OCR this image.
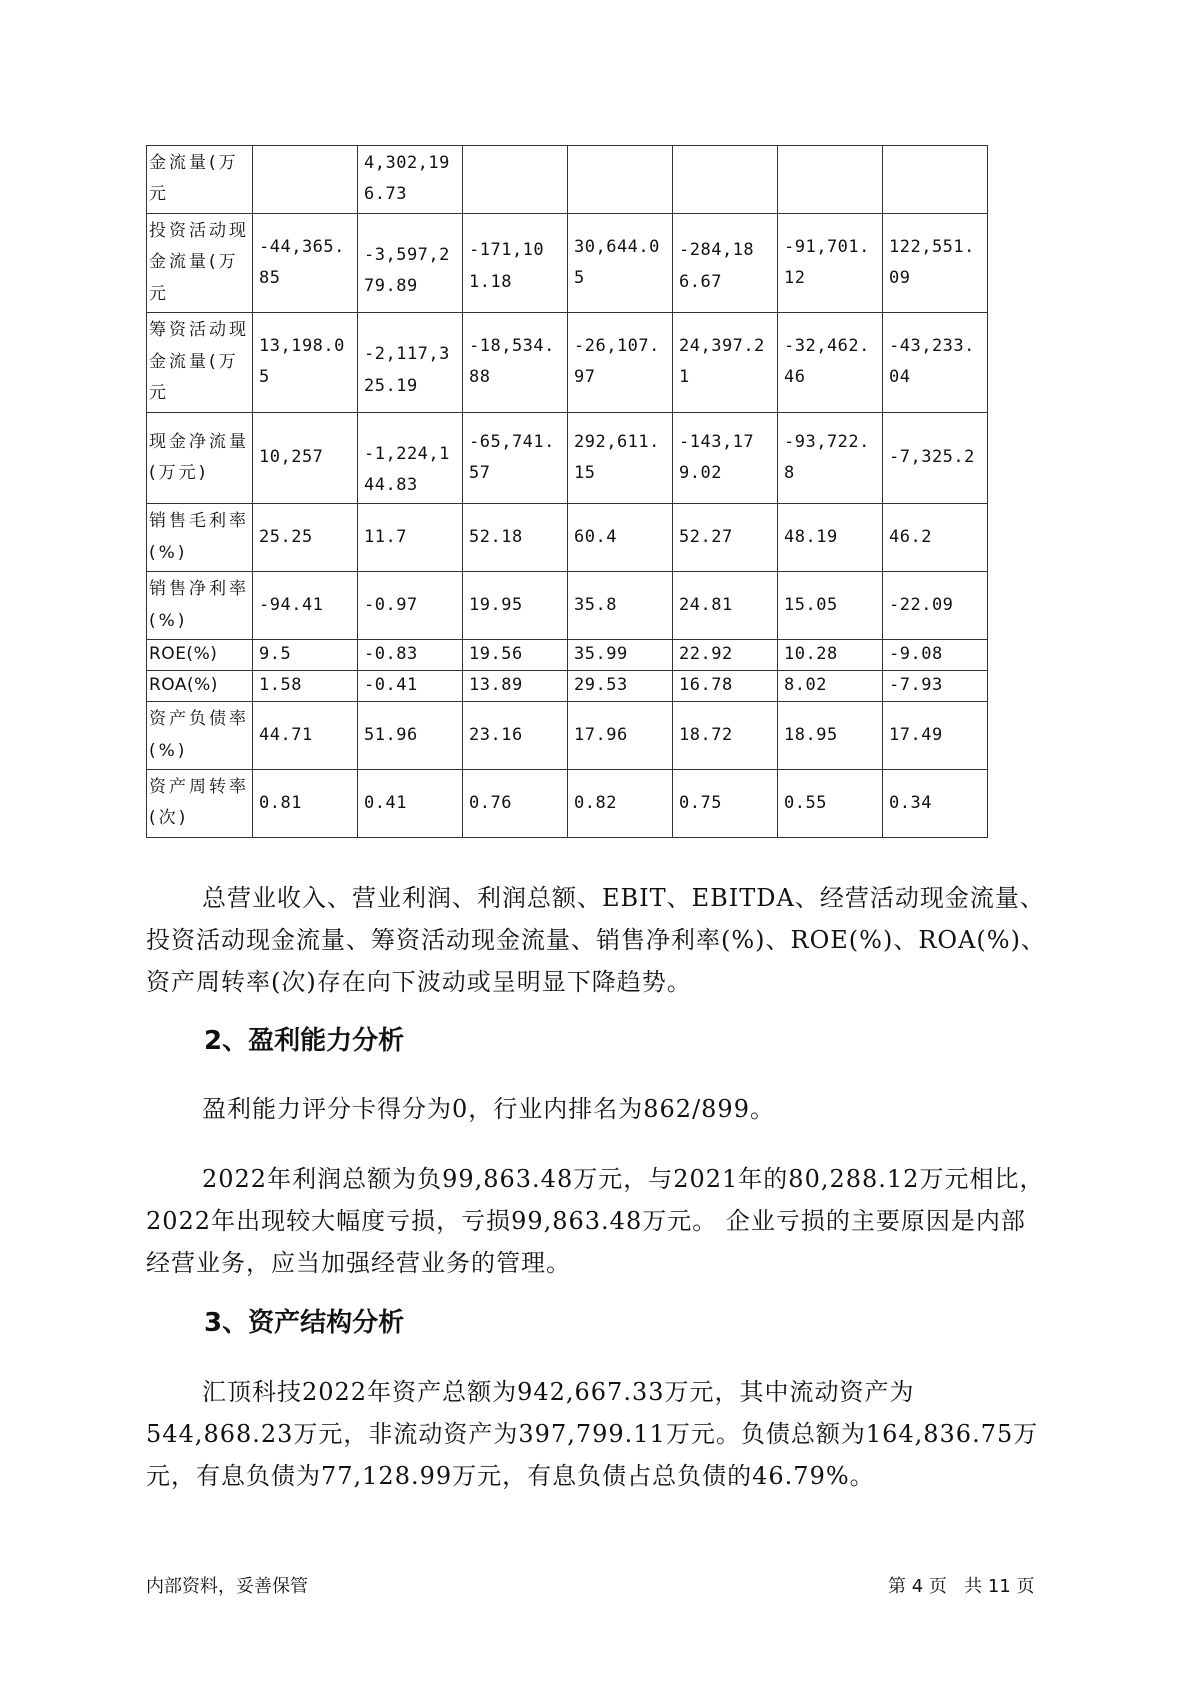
金流量(万元		4,302,196.73					
投资活动现金流量(万元	-44,365.85	-3,597,279.89	-171,101.18	30,644.05	-284,186.67	-91,701.12	122,551.09
筹资活动现金流量(万元	13,198.05	-2,117,325.19	-18,534.88	-26,107.97	24,397.21	-32,462.46	-43,233.04
现金净流量(万元)	10,257	-1,224,144.83	-65,741.57	292,611.15	-143,179.02	-93,722.8	-7,325.2
销售毛利率(%)	25.25	11.7	52.18	60.4	52.27	48.19	46.2
销售净利率(%)	-94.41	-0.97	19.95	35.8	24.81	15.05	-22.09
ROE(%)	9.5	-0.83	19.56	35.99	22.92	10.28	-9.08
ROA(%)	1.58	-0.41	13.89	29.53	16.78	8.02	-7.93
资产负债率(%)	44.71	51.96	23.16	17.96	18.72	18.95	17.49
资产周转率(次)	0.81	0.41	0.76	0.82	0.75	0.55	0.34

总营业收入、营业利润、利润总额、EBIT、EBITDA、经营活动现金流量、投资活动现金流量、筹资活动现金流量、销售净利率(%)、ROE(%)、ROA(%)、资产周转率(次)存在向下波动或呈明显下降趋势。

2、盈利能力分析

盈利能力评分卡得分为0，行业内排名为862/899。

2022年利润总额为负99,863.48万元，与2021年的80,288.12万元相比，2022年出现较大幅度亏损，亏损99,863.48万元。 企业亏损的主要原因是内部经营业务，应当加强经营业务的管理。

3、资产结构分析

汇顶科技2022年资产总额为942,667.33万元，其中流动资产为544,868.23万元，非流动资产为397,799.11万元。负债总额为164,836.75万元，有息负债为77,128.99万元，有息负债占总负债的46.79%。

内部资料，妥善保管	第 4 页 共 11 页
